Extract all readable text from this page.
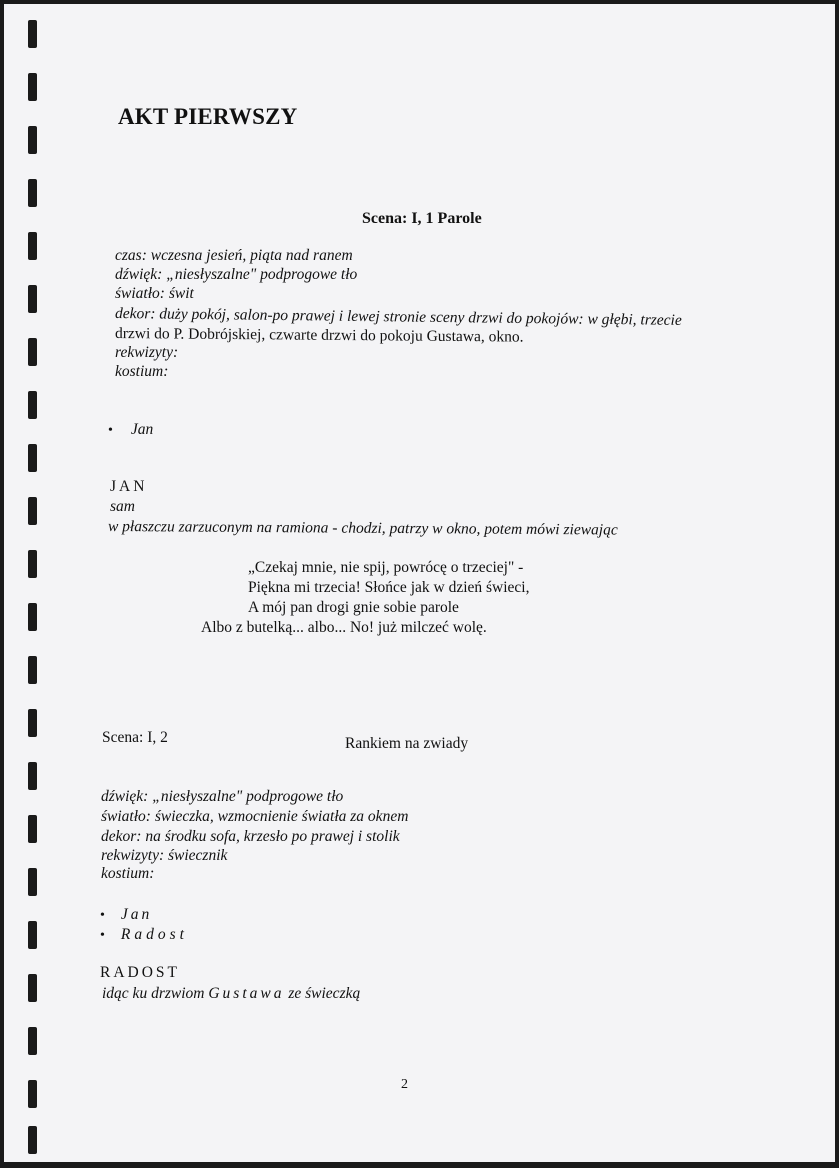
AKT PIERWSZY
Scena: I, 1 Parole
czas: wczesna jesień, piąta nad ranem
dźwięk: „niesłyszalne" podprogowe tło
światło: świt
dekor: duży pokój, salon-po prawej i lewej stronie sceny drzwi do pokojów: w głębi, trzecie
drzwi do P. Dobrójskiej, czwarte drzwi do pokoju Gustawa, okno.
rekwizyty:
kostium:
• Jan
JAN
sam
w płaszczu zarzuconym na ramiona - chodzi, patrzy w okno, potem mówi ziewając
„Czekaj mnie, nie spij, powrócę o trzeciej" -
Piękna mi trzecia! Słońce jak w dzień świeci,
A mój pan drogi gnie sobie parole
Albo z butelką... albo... No! już milczeć wolę.
Scena: I, 2	Rankiem na zwiady
dźwięk: „niesłyszalne" podprogowe tło
światło: świeczka, wzmocnienie światła za oknem
dekor: na środku sofa, krzesło po prawej i stolik
rekwizyty: świecznik
kostium:
• Jan
• Radost
RADOST
idąc ku drzwiom Gustawa ze świeczką
2
